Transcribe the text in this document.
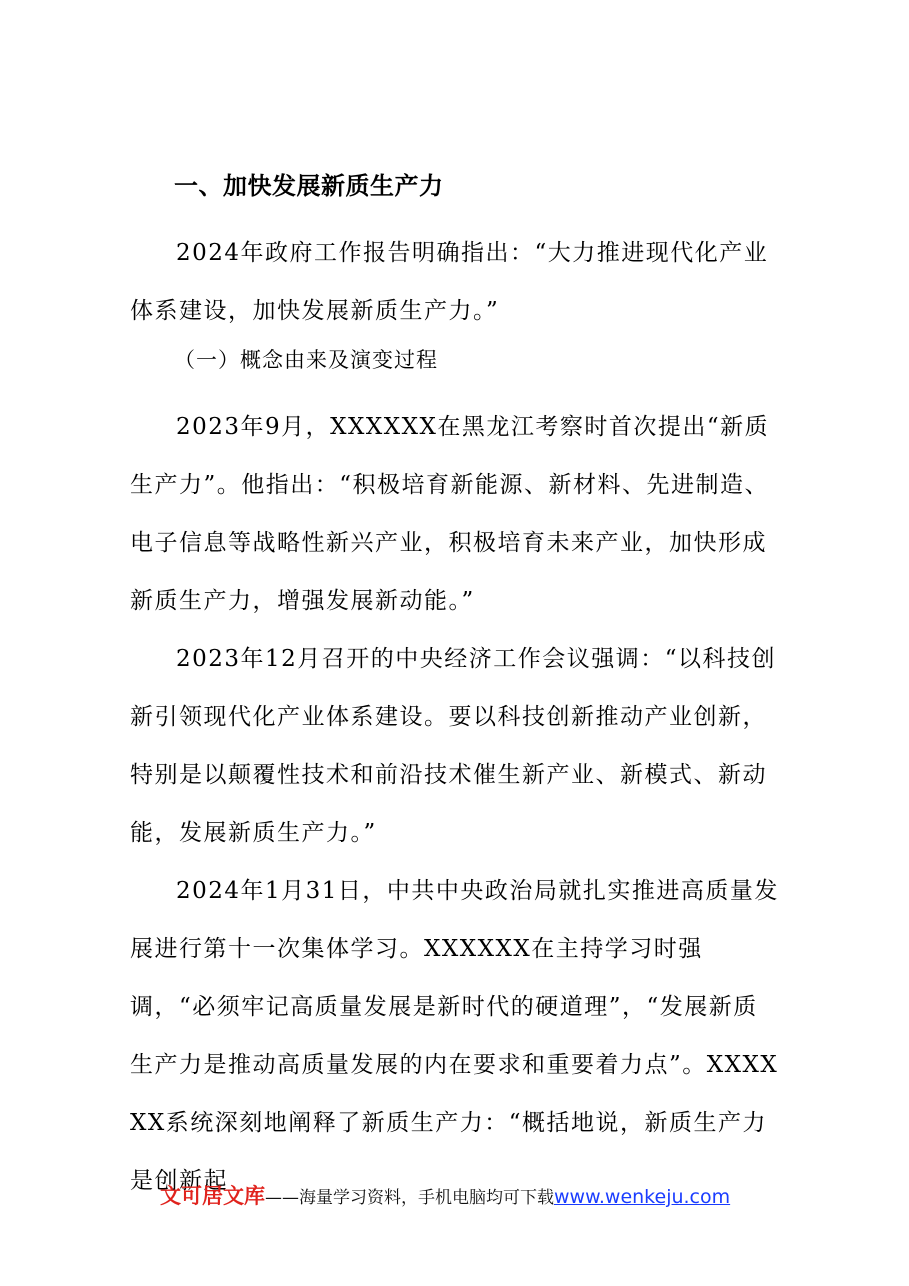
一、加快发展新质生产力

2024年政府工作报告明确指出：“大力推进现代化产业体系建设，加快发展新质生产力。”

（一）概念由来及演变过程

2023年9月，XXXXXX在黑龙江考察时首次提出“新质生产力”。他指出：“积极培育新能源、新材料、先进制造、电子信息等战略性新兴产业，积极培育未来产业，加快形成新质生产力，增强发展新动能。”

2023年12月召开的中央经济工作会议强调：“以科技创新引领现代化产业体系建设。要以科技创新推动产业创新，特别是以颠覆性技术和前沿技术催生新产业、新模式、新动能，发展新质生产力。”

2024年1月31日，中共中央政治局就扎实推进高质量发展进行第十一次集体学习。XXXXXX在主持学习时强调，“必须牢记高质量发展是新时代的硬道理”，“发展新质生产力是推动高质量发展的内在要求和重要着力点”。XXXXXX系统深刻地阐释了新质生产力：“概括地说，新质生产力是创新起

文可居文库——海量学习资料，手机电脑均可下载www.wenkeju.com
